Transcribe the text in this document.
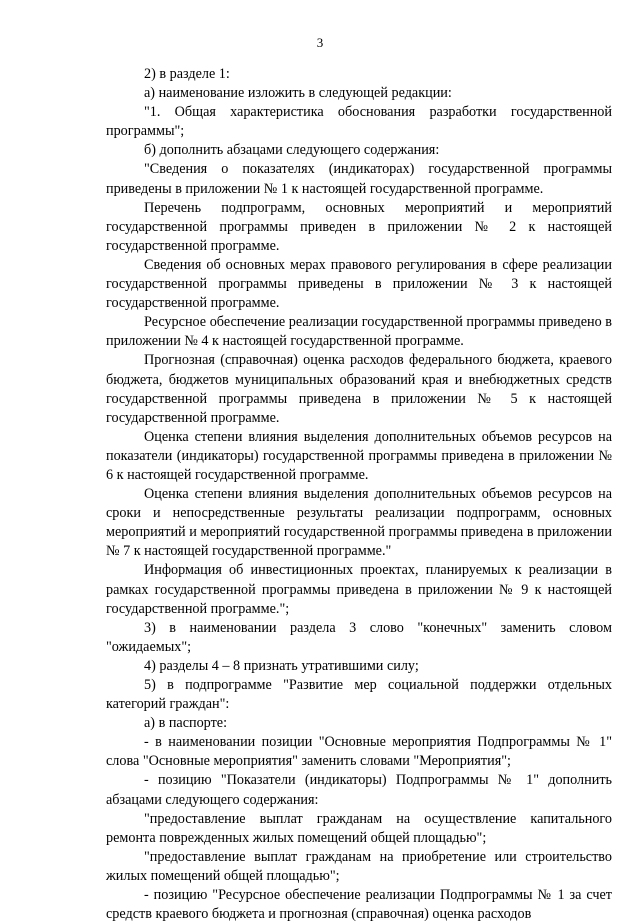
3

2) в разделе 1:

а) наименование изложить в следующей редакции:

"1. Общая характеристика обоснования разработки государственной программы";

б) дополнить абзацами следующего содержания:

"Сведения о показателях (индикаторах) государственной программы приведены в приложении № 1 к настоящей государственной программе.

Перечень подпрограмм, основных мероприятий и мероприятий государственной программы приведен в приложении № 2 к настоящей государственной программе.

Сведения об основных мерах правового регулирования в сфере реализации государственной программы приведены в приложении № 3 к настоящей государственной программе.

Ресурсное обеспечение реализации государственной программы приведено в приложении № 4 к настоящей государственной программе.

Прогнозная (справочная) оценка расходов федерального бюджета, краевого бюджета, бюджетов муниципальных образований края и внебюджетных средств государственной программы приведена в приложении № 5 к настоящей государственной программе.

Оценка степени влияния выделения дополнительных объемов ресурсов на показатели (индикаторы) государственной программы приведена в приложении № 6 к настоящей государственной программе.

Оценка степени влияния выделения дополнительных объемов ресурсов на сроки и непосредственные результаты реализации подпрограмм, основных мероприятий и мероприятий государственной программы приведена в приложении № 7 к настоящей государственной программе."

Информация об инвестиционных проектах, планируемых к реализации в рамках государственной программы приведена в приложении № 9 к настоящей государственной программе.";

3) в наименовании раздела 3 слово "конечных" заменить словом "ожидаемых";

4) разделы 4 – 8 признать утратившими силу;

5) в подпрограмме "Развитие мер социальной поддержки отдельных категорий граждан":

а) в паспорте:

- в наименовании позиции "Основные мероприятия Подпрограммы № 1" слова "Основные мероприятия" заменить словами "Мероприятия";

- позицию "Показатели (индикаторы) Подпрограммы № 1" дополнить абзацами следующего содержания:

"предоставление выплат гражданам на осуществление капитального ремонта поврежденных жилых помещений общей площадью";

"предоставление выплат гражданам на приобретение или строительство жилых помещений общей площадью";

- позицию "Ресурсное обеспечение реализации Подпрограммы № 1 за счет средств краевого бюджета и прогнозная (справочная) оценка расходов
